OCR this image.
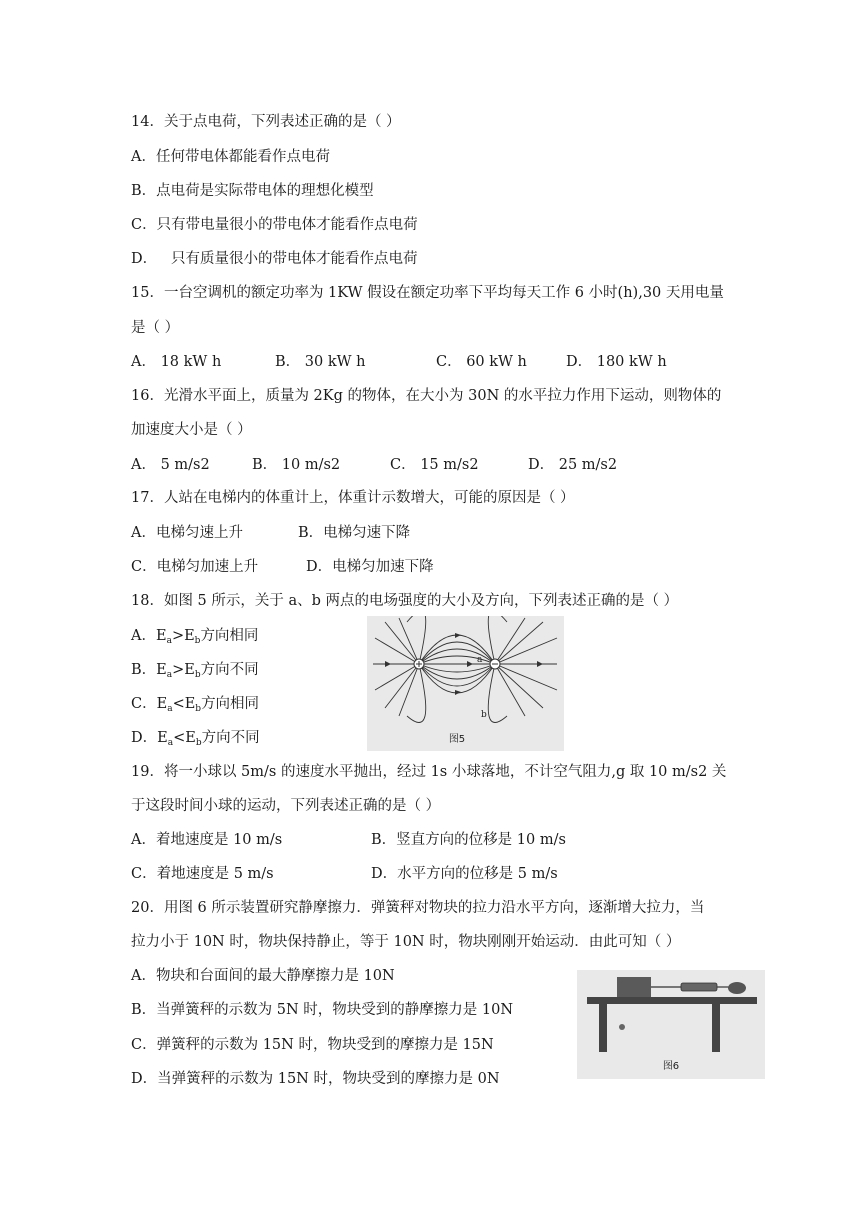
14．关于点电荷，下列表述正确的是（ ）
A．任何带电体都能看作点电荷
B．点电荷是实际带电体的理想化模型
C．只有带电量很小的带电体才能看作点电荷
D．   只有质量很小的带电体才能看作点电荷
15．一台空调机的额定功率为 1KW 假设在额定功率下平均每天工作 6 小时(h),30 天用电量
是（ ）
A． 18 kW h	B． 30 kW h	C． 60 kW h	D． 180 kW h
16．光滑水平面上，质量为 2Kg 的物体，在大小为 30N 的水平拉力作用下运动，则物体的
加速度大小是（ ）
A． 5 m/s2	B． 10 m/s2	C． 15 m/s2	D． 25 m/s2
17．人站在电梯内的体重计上，体重计示数增大，可能的原因是（ ）
A．电梯匀速上升	B．电梯匀速下降
C．电梯匀加速上升	D．电梯匀加速下降
18．如图 5 所示，关于 a、b 两点的电场强度的大小及方向，下列表述正确的是（ ）
A．$E_a>E_b$方向相同
B．$E_a>E_b$方向不同
C．$E_a<E_b$方向相同
D．$E_a<E_b$方向不同
a
b
图5
19．将一小球以 5m/s 的速度水平抛出，经过 1s 小球落地，不计空气阻力,g 取 10 m/s2 关
于这段时间小球的运动，下列表述正确的是（ ）
A．着地速度是 10 m/s	B．竖直方向的位移是 10 m/s
C．着地速度是 5 m/s	D．水平方向的位移是 5 m/s
20．用图 6 所示装置研究静摩擦力．弹簧秤对物块的拉力沿水平方向，逐渐增大拉力，当
拉力小于 10N 时，物块保持静止，等于 10N 时，物块刚刚开始运动．由此可知（ ）
A．物块和台面间的最大静摩擦力是 10N
B．当弹簧秤的示数为 5N 时，物块受到的静摩擦力是 10N
C．弹簧秤的示数为 15N 时，物块受到的摩擦力是 15N
D．当弹簧秤的示数为 15N 时，物块受到的摩擦力是 0N
图6
